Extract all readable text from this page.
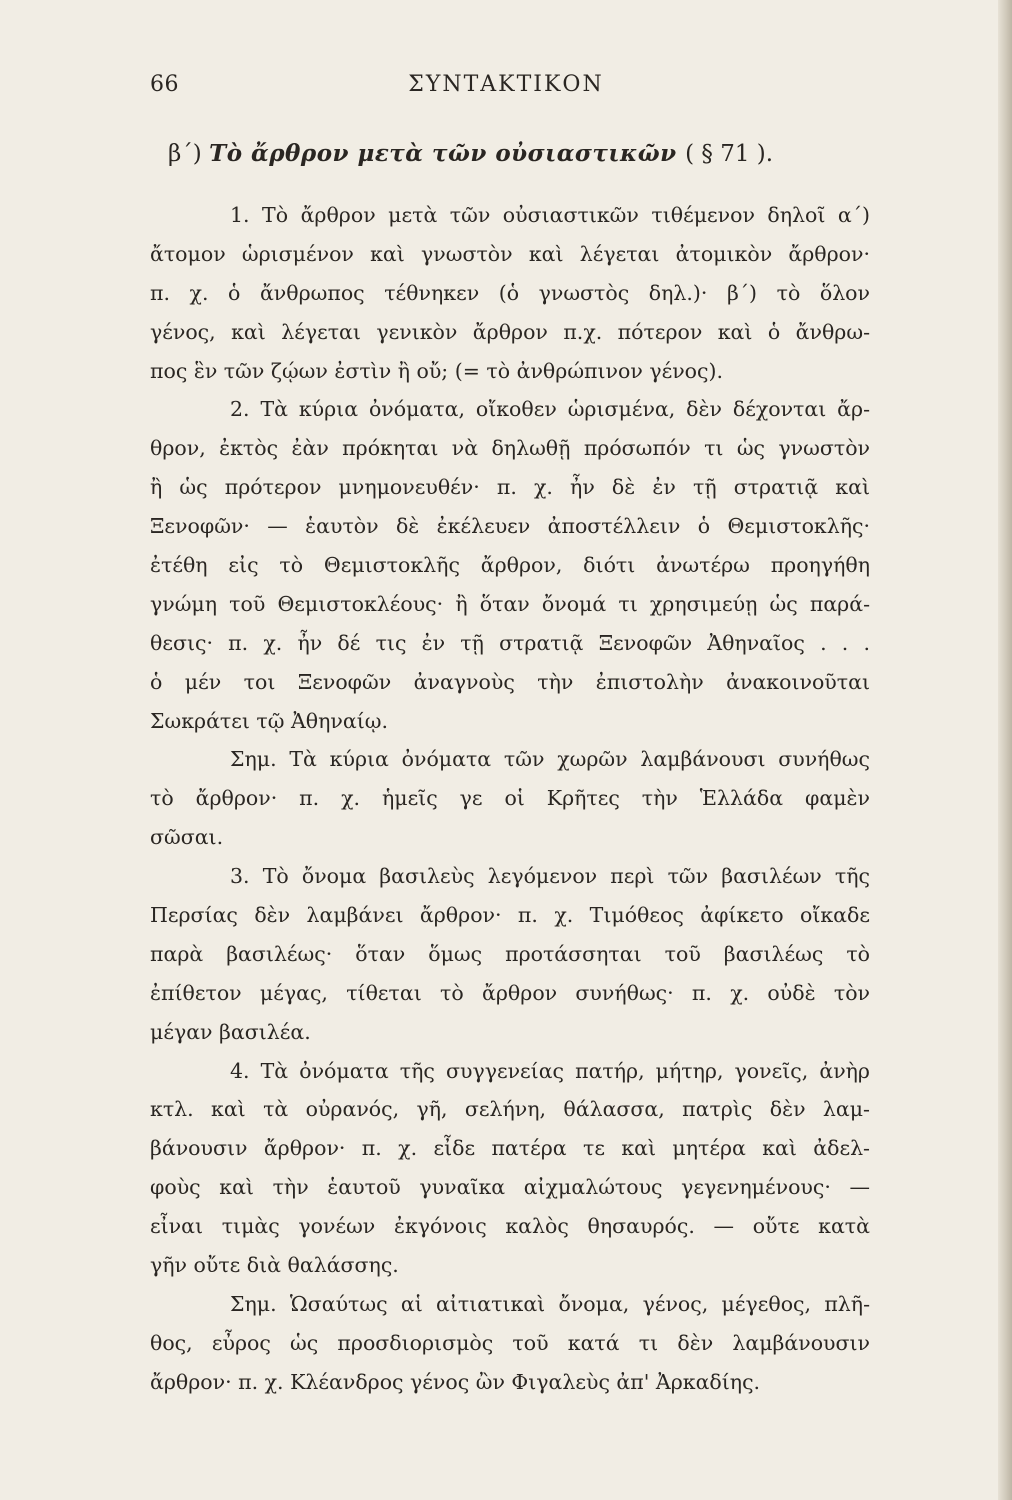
66	ΣΥΝΤΑΚΤΙΚΟΝ
β΄) Τὸ ἄρθρον μετὰ τῶν οὐσιαστικῶν ( § 71 ).
1. Τὸ ἄρθρον μετὰ τῶν οὐσιαστικῶν τιθέμενον δηλοῖ α΄)
ἄτομον ὡρισμένον καὶ γνωστὸν καὶ λέγεται ἀτομικὸν ἄρθρον·
π. χ. ὁ ἄνθρωπος τέθνηκεν (ὁ γνωστὸς δηλ.)· β΄) τὸ ὅλον
γένος, καὶ λέγεται γενικὸν ἄρθρον π.χ. πότερον καὶ ὁ ἄνθρω-
πος ἓν τῶν ζῴων ἐστὶν ἢ οὔ; (= τὸ ἀνθρώπινον γένος).
2. Τὰ κύρια ὀνόματα, οἴκοθεν ὡρισμένα, δὲν δέχονται ἄρ-
θρον, ἐκτὸς ἐὰν πρόκηται νὰ δηλωθῇ πρόσωπόν τι ὡς γνωστὸν
ἢ ὡς πρότερον μνημονευθέν· π. χ. ἦν δὲ ἐν τῇ στρατιᾷ καὶ
Ξενοφῶν· — ἑαυτὸν δὲ ἐκέλευεν ἀποστέλλειν ὁ Θεμιστοκλῆς·
ἐτέθη εἰς τὸ Θεμιστοκλῆς ἄρθρον, διότι ἀνωτέρω προηγήθη
γνώμη τοῦ Θεμιστοκλέους· ἢ ὅταν ὄνομά τι χρησιμεύῃ ὡς παρά-
θεσις· π. χ. ἦν δέ τις ἐν τῇ στρατιᾷ Ξενοφῶν Ἀθηναῖος . . .
ὁ μέν τοι Ξενοφῶν ἀναγνοὺς τὴν ἐπιστολὴν ἀνακοινοῦται
Σωκράτει τῷ Ἀθηναίῳ.
Σημ. Τὰ κύρια ὀνόματα τῶν χωρῶν λαμβάνουσι συνήθως
τὸ ἄρθρον· π. χ. ἡμεῖς γε οἱ Κρῆτες τὴν Ἑλλάδα φαμὲν
σῶσαι.
3. Τὸ ὄνομα βασιλεὺς λεγόμενον περὶ τῶν βασιλέων τῆς
Περσίας δὲν λαμβάνει ἄρθρον· π. χ. Τιμόθεος ἀφίκετο οἴκαδε
παρὰ βασιλέως· ὅταν ὅμως προτάσσηται τοῦ βασιλέως τὸ
ἐπίθετον μέγας, τίθεται τὸ ἄρθρον συνήθως· π. χ. οὐδὲ τὸν
μέγαν βασιλέα.
4. Τὰ ὀνόματα τῆς συγγενείας πατήρ, μήτηρ, γονεῖς, ἀνὴρ
κτλ. καὶ τὰ οὐρανός, γῆ, σελήνη, θάλασσα, πατρὶς δὲν λαμ-
βάνουσιν ἄρθρον· π. χ. εἶδε πατέρα τε καὶ μητέρα καὶ ἀδελ-
φοὺς καὶ τὴν ἑαυτοῦ γυναῖκα αἰχμαλώτους γεγενημένους· —
εἶναι τιμὰς γονέων ἐκγόνοις καλὸς θησαυρός. — οὔτε κατὰ
γῆν οὔτε διὰ θαλάσσης.
Σημ. Ὡσαύτως αἱ αἰτιατικαὶ ὄνομα, γένος, μέγεθος, πλῆ-
θος, εὖρος ὡς προσδιορισμὸς τοῦ κατά τι δὲν λαμβάνουσιν
ἄρθρον· π. χ. Κλέανδρος γένος ὢν Φιγαλεὺς ἀπ' Ἀρκαδίης.
